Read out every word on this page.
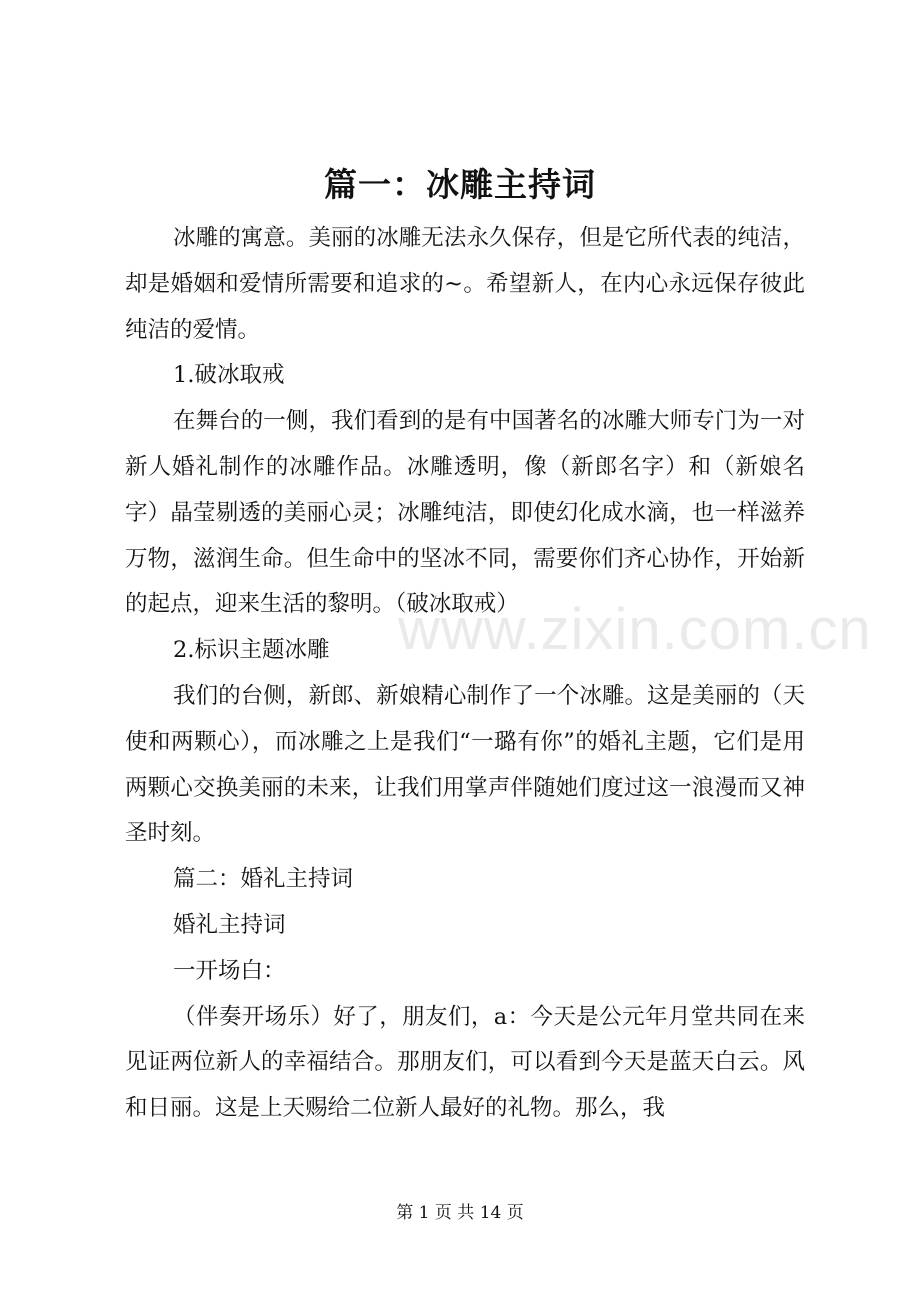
篇一：冰雕主持词

冰雕的寓意。美丽的冰雕无法永久保存，但是它所代表的纯洁，却是婚姻和爱情所需要和追求的~。希望新人，在内心永远保存彼此纯洁的爱情。

1.破冰取戒

在舞台的一侧，我们看到的是有中国著名的冰雕大师专门为一对新人婚礼制作的冰雕作品。冰雕透明，像（新郎名字）和（新娘名字）晶莹剔透的美丽心灵；冰雕纯洁，即使幻化成水滴，也一样滋养万物，滋润生命。但生命中的坚冰不同，需要你们齐心协作，开始新的起点，迎来生活的黎明。（破冰取戒）

2.标识主题冰雕

我们的台侧，新郎、新娘精心制作了一个冰雕。这是美丽的（天使和两颗心），而冰雕之上是我们“一璐有你”的婚礼主题，它们是用两颗心交换美丽的未来，让我们用掌声伴随她们度过这一浪漫而又神圣时刻。

篇二：婚礼主持词

婚礼主持词

一开场白：

（伴奏开场乐）好了，朋友们，a：今天是公元年月堂共同在来见证两位新人的幸福结合。那朋友们，可以看到今天是蓝天白云。风和日丽。这是上天赐给二位新人最好的礼物。那么，我

www.zixin.com.cn
第 1 页 共 14 页
